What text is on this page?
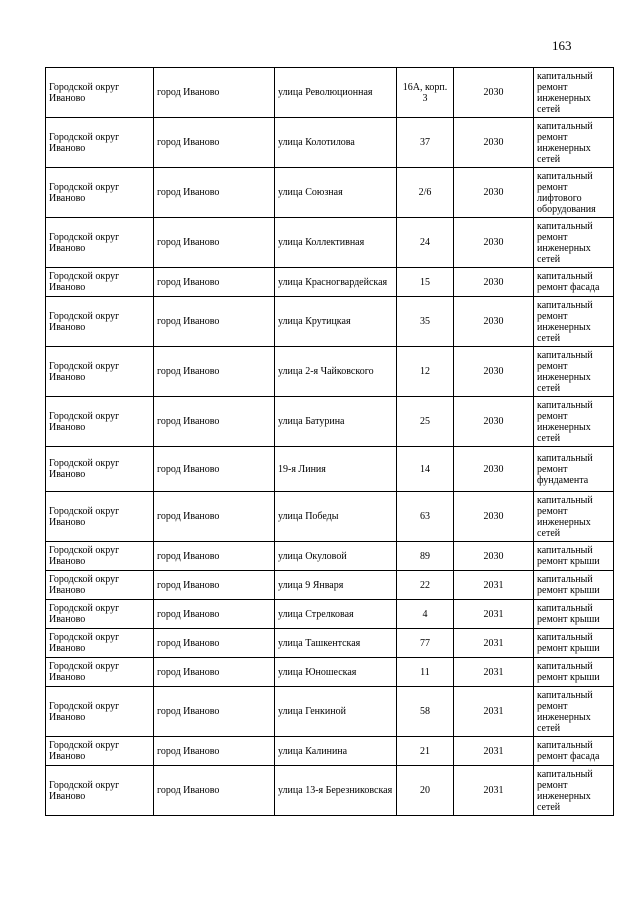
163
Городской округ Иваново	город Иваново	улица Революционная	16А, корп. 3	2030	капитальный ремонт инженерных сетей
Городской округ Иваново	город Иваново	улица Колотилова	37	2030	капитальный ремонт инженерных сетей
Городской округ Иваново	город Иваново	улица Союзная	2/6	2030	капитальный ремонт лифтового оборудования
Городской округ Иваново	город Иваново	улица Коллективная	24	2030	капитальный ремонт инженерных сетей
Городской округ Иваново	город Иваново	улица Красногвардейская	15	2030	капитальный ремонт фасада
Городской округ Иваново	город Иваново	улица Крутицкая	35	2030	капитальный ремонт инженерных сетей
Городской округ Иваново	город Иваново	улица 2-я Чайковского	12	2030	капитальный ремонт инженерных сетей
Городской округ Иваново	город Иваново	улица Батурина	25	2030	капитальный ремонт инженерных сетей
Городской округ Иваново	город Иваново	19-я Линия	14	2030	капитальный ремонт фундамента
Городской округ Иваново	город Иваново	улица Победы	63	2030	капитальный ремонт инженерных сетей
Городской округ Иваново	город Иваново	улица Окуловой	89	2030	капитальный ремонт крыши
Городской округ Иваново	город Иваново	улица 9 Января	22	2031	капитальный ремонт крыши
Городской округ Иваново	город Иваново	улица Стрелковая	4	2031	капитальный ремонт крыши
Городской округ Иваново	город Иваново	улица Ташкентская	77	2031	капитальный ремонт крыши
Городской округ Иваново	город Иваново	улица Юношеская	11	2031	капитальный ремонт крыши
Городской округ Иваново	город Иваново	улица Генкиной	58	2031	капитальный ремонт инженерных сетей
Городской округ Иваново	город Иваново	улица Калинина	21	2031	капитальный ремонт фасада
Городской округ Иваново	город Иваново	улица 13-я Березниковская	20	2031	капитальный ремонт инженерных сетей
